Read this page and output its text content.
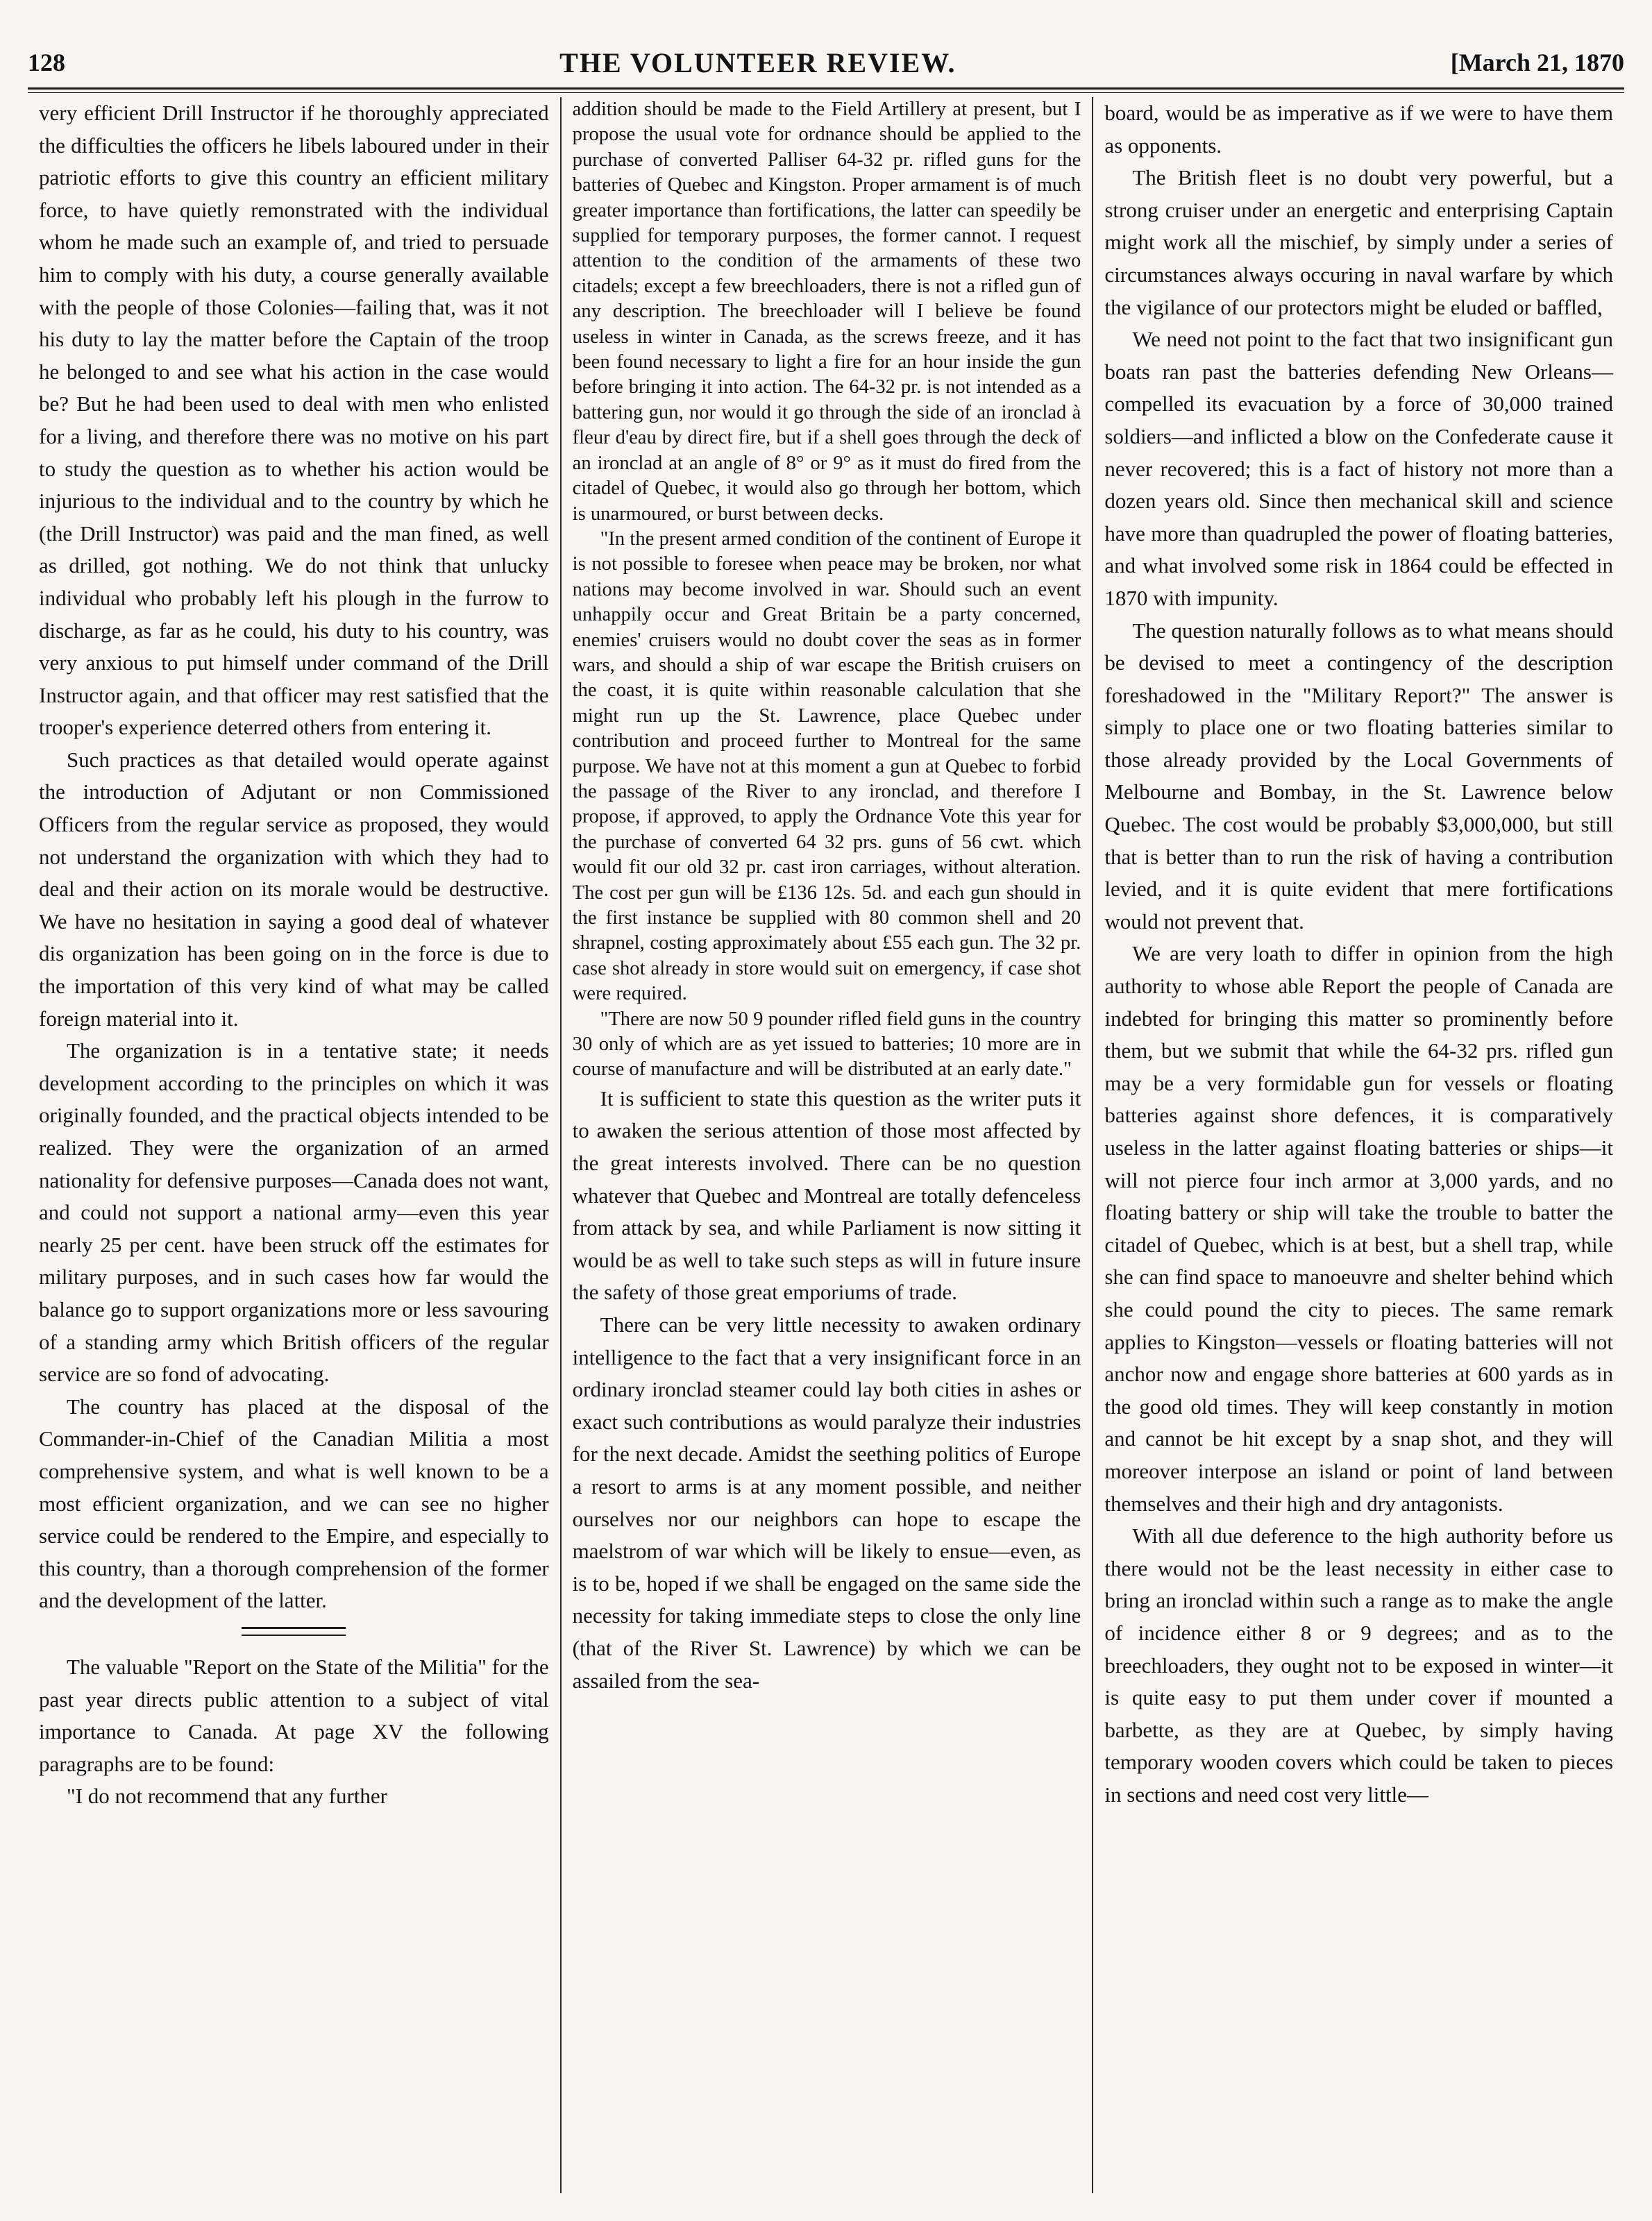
128	THE VOLUNTEER REVIEW.	[March 21, 1870

very efficient Drill Instructor if he thoroughly appreciated the difficulties the officers he libels laboured under in their patriotic efforts to give this country an efficient military force, to have quietly remonstrated with the individual whom he made such an example of, and tried to persuade him to comply with his duty, a course generally available with the people of those Colonies—failing that, was it not his duty to lay the matter before the Captain of the troop he belonged to and see what his action in the case would be? But he had been used to deal with men who enlisted for a living, and therefore there was no motive on his part to study the question as to whether his action would be injurious to the individual and to the country by which he (the Drill Instructor) was paid and the man fined, as well as drilled, got nothing. We do not think that unlucky individual who probably left his plough in the furrow to discharge, as far as he could, his duty to his country, was very anxious to put himself under command of the Drill Instructor again, and that officer may rest satisfied that the trooper's experience deterred others from entering it.

Such practices as that detailed would operate against the introduction of Adjutant or non Commissioned Officers from the regular service as proposed, they would not understand the organization with which they had to deal and their action on its morale would be destructive. We have no hesitation in saying a good deal of whatever dis organization has been going on in the force is due to the importation of this very kind of what may be called foreign material into it.

The organization is in a tentative state; it needs development according to the principles on which it was originally founded, and the practical objects intended to be realized. They were the organization of an armed nationality for defensive purposes—Canada does not want, and could not support a national army—even this year nearly 25 per cent. have been struck off the estimates for military purposes, and in such cases how far would the balance go to support organizations more or less savouring of a standing army which British officers of the regular service are so fond of advocating.

The country has placed at the disposal of the Commander-in-Chief of the Canadian Militia a most comprehensive system, and what is well known to be a most efficient organization, and we can see no higher service could be rendered to the Empire, and especially to this country, than a thorough comprehension of the former and the development of the latter.

The valuable "Report on the State of the Militia" for the past year directs public attention to a subject of vital importance to Canada. At page XV the following paragraphs are to be found:

"I do not recommend that any further

addition should be made to the Field Artillery at present, but I propose the usual vote for ordnance should be applied to the purchase of converted Palliser 64-32 pr. rifled guns for the batteries of Quebec and Kingston. Proper armament is of much greater importance than fortifications, the latter can speedily be supplied for temporary purposes, the former cannot. I request attention to the condition of the armaments of these two citadels; except a few breechloaders, there is not a rifled gun of any description. The breechloader will I believe be found useless in winter in Canada, as the screws freeze, and it has been found necessary to light a fire for an hour inside the gun before bringing it into action. The 64-32 pr. is not intended as a battering gun, nor would it go through the side of an ironclad à fleur d'eau by direct fire, but if a shell goes through the deck of an ironclad at an angle of 8° or 9° as it must do fired from the citadel of Quebec, it would also go through her bottom, which is unarmoured, or burst between decks.

"In the present armed condition of the continent of Europe it is not possible to foresee when peace may be broken, nor what nations may become involved in war. Should such an event unhappily occur and Great Britain be a party concerned, enemies' cruisers would no doubt cover the seas as in former wars, and should a ship of war escape the British cruisers on the coast, it is quite within reasonable calculation that she might run up the St. Lawrence, place Quebec under contribution and proceed further to Montreal for the same purpose. We have not at this moment a gun at Quebec to forbid the passage of the River to any ironclad, and therefore I propose, if approved, to apply the Ordnance Vote this year for the purchase of converted 64 32 prs. guns of 56 cwt. which would fit our old 32 pr. cast iron carriages, without alteration. The cost per gun will be £136 12s. 5d. and each gun should in the first instance be supplied with 80 common shell and 20 shrapnel, costing approximately about £55 each gun. The 32 pr. case shot already in store would suit on emergency, if case shot were required.

"There are now 50 9 pounder rifled field guns in the country 30 only of which are as yet issued to batteries; 10 more are in course of manufacture and will be distributed at an early date."

It is sufficient to state this question as the writer puts it to awaken the serious attention of those most affected by the great interests involved. There can be no question whatever that Quebec and Montreal are totally defenceless from attack by sea, and while Parliament is now sitting it would be as well to take such steps as will in future insure the safety of those great emporiums of trade.

There can be very little necessity to awaken ordinary intelligence to the fact that a very insignificant force in an ordinary ironclad steamer could lay both cities in ashes or exact such contributions as would paralyze their industries for the next decade. Amidst the seething politics of Europe a resort to arms is at any moment possible, and neither ourselves nor our neighbors can hope to escape the maelstrom of war which will be likely to ensue—even, as is to be, hoped if we shall be engaged on the same side the necessity for taking immediate steps to close the only line (that of the River St. Lawrence) by which we can be assailed from the sea-

board, would be as imperative as if we were to have them as opponents.

The British fleet is no doubt very powerful, but a strong cruiser under an energetic and enterprising Captain might work all the mischief, by simply under a series of circumstances always occuring in naval warfare by which the vigilance of our protectors might be eluded or baffled,

We need not point to the fact that two insignificant gun boats ran past the batteries defending New Orleans—compelled its evacuation by a force of 30,000 trained soldiers—and inflicted a blow on the Confederate cause it never recovered; this is a fact of history not more than a dozen years old. Since then mechanical skill and science have more than quadrupled the power of floating batteries, and what involved some risk in 1864 could be effected in 1870 with impunity.

The question naturally follows as to what means should be devised to meet a contingency of the description foreshadowed in the "Military Report?" The answer is simply to place one or two floating batteries similar to those already provided by the Local Governments of Melbourne and Bombay, in the St. Lawrence below Quebec. The cost would be probably $3,000,000, but still that is better than to run the risk of having a contribution levied, and it is quite evident that mere fortifications would not prevent that.

We are very loath to differ in opinion from the high authority to whose able Report the people of Canada are indebted for bringing this matter so prominently before them, but we submit that while the 64-32 prs. rifled gun may be a very formidable gun for vessels or floating batteries against shore defences, it is comparatively useless in the latter against floating batteries or ships—it will not pierce four inch armor at 3,000 yards, and no floating battery or ship will take the trouble to batter the citadel of Quebec, which is at best, but a shell trap, while she can find space to manoeuvre and shelter behind which she could pound the city to pieces. The same remark applies to Kingston—vessels or floating batteries will not anchor now and engage shore batteries at 600 yards as in the good old times. They will keep constantly in motion and cannot be hit except by a snap shot, and they will moreover interpose an island or point of land between themselves and their high and dry antagonists.

With all due deference to the high authority before us there would not be the least necessity in either case to bring an ironclad within such a range as to make the angle of incidence either 8 or 9 degrees; and as to the breechloaders, they ought not to be exposed in winter—it is quite easy to put them under cover if mounted a barbette, as they are at Quebec, by simply having temporary wooden covers which could be taken to pieces in sections and need cost very little—
